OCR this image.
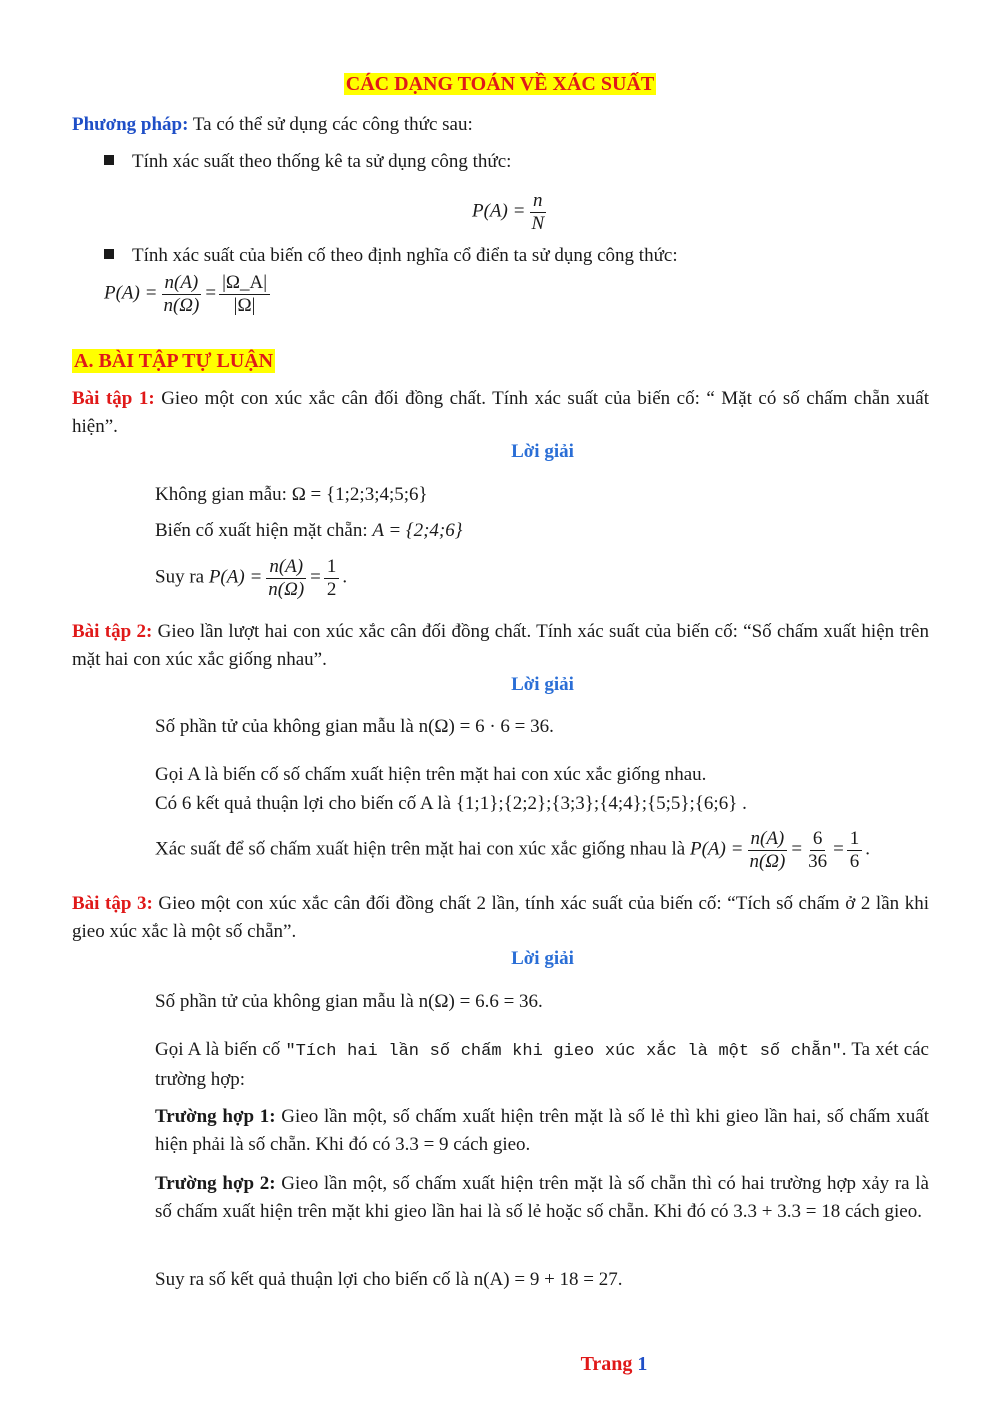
CÁC DẠNG TOÁN VỀ XÁC SUẤT
Phương pháp: Ta có thể sử dụng các công thức sau:
Tính xác suất theo thống kê ta sử dụng công thức:
$P(A) = \frac{n}{N}$
Tính xác suất của biến cố theo định nghĩa cổ điển ta sử dụng công thức:
$P(A) = \frac{n(A)}{n(\Omega)} = \frac{|\Omega\_A|}{|\Omega|}$
A. BÀI TẬP TỰ LUẬN
Bài tập 1: Gieo một con xúc xắc cân đối đồng chất. Tính xác suất của biến cố: “ Mặt có số chấm chẵn xuất hiện”.
Lời giải
Không gian mẫu: Ω = {1;2;3;4;5;6}
Biến cố xuất hiện mặt chẵn: A = {2;4;6}
Suy ra $P(A) = \frac{n(A)}{n(\Omega)} = \frac{1}{2}$ .
Bài tập 2: Gieo lần lượt hai con xúc xắc cân đối đồng chất. Tính xác suất của biến cố: “Số chấm xuất hiện trên mặt hai con xúc xắc giống nhau”.
Lời giải
Số phần tử của không gian mẫu là n(Ω) = 6 · 6 = 36.
Gọi A là biến cố số chấm xuất hiện trên mặt hai con xúc xắc giống nhau.
Có 6 kết quả thuận lợi cho biến cố A là {1;1};{2;2};{3;3};{4;4};{5;5};{6;6} .
Xác suất để số chấm xuất hiện trên mặt hai con xúc xắc giống nhau là $P(A) = \frac{n(A)}{n(\Omega)} = \frac{6}{36} = \frac{1}{6}$ .
Bài tập 3: Gieo một con xúc xắc cân đối đồng chất 2 lần, tính xác suất của biến cố: “Tích số chấm ở 2 lần khi gieo xúc xắc là một số chẵn”.
Lời giải
Số phần tử của không gian mẫu là n(Ω) = 6.6 = 36.
Gọi A là biến cố "Tích hai lần số chấm khi gieo xúc xắc là một số chẵn". Ta xét các trường hợp:
Trường hợp 1: Gieo lần một, số chấm xuất hiện trên mặt là số lẻ thì khi gieo lần hai, số chấm xuất hiện phải là số chẵn. Khi đó có 3.3 = 9 cách gieo.
Trường hợp 2: Gieo lần một, số chấm xuất hiện trên mặt là số chẵn thì có hai trường hợp xảy ra là số chấm xuất hiện trên mặt khi gieo lần hai là số lẻ hoặc số chẵn. Khi đó có 3.3 + 3.3 = 18 cách gieo.
Suy ra số kết quả thuận lợi cho biến cố là n(A) = 9 + 18 = 27.
Trang 1
